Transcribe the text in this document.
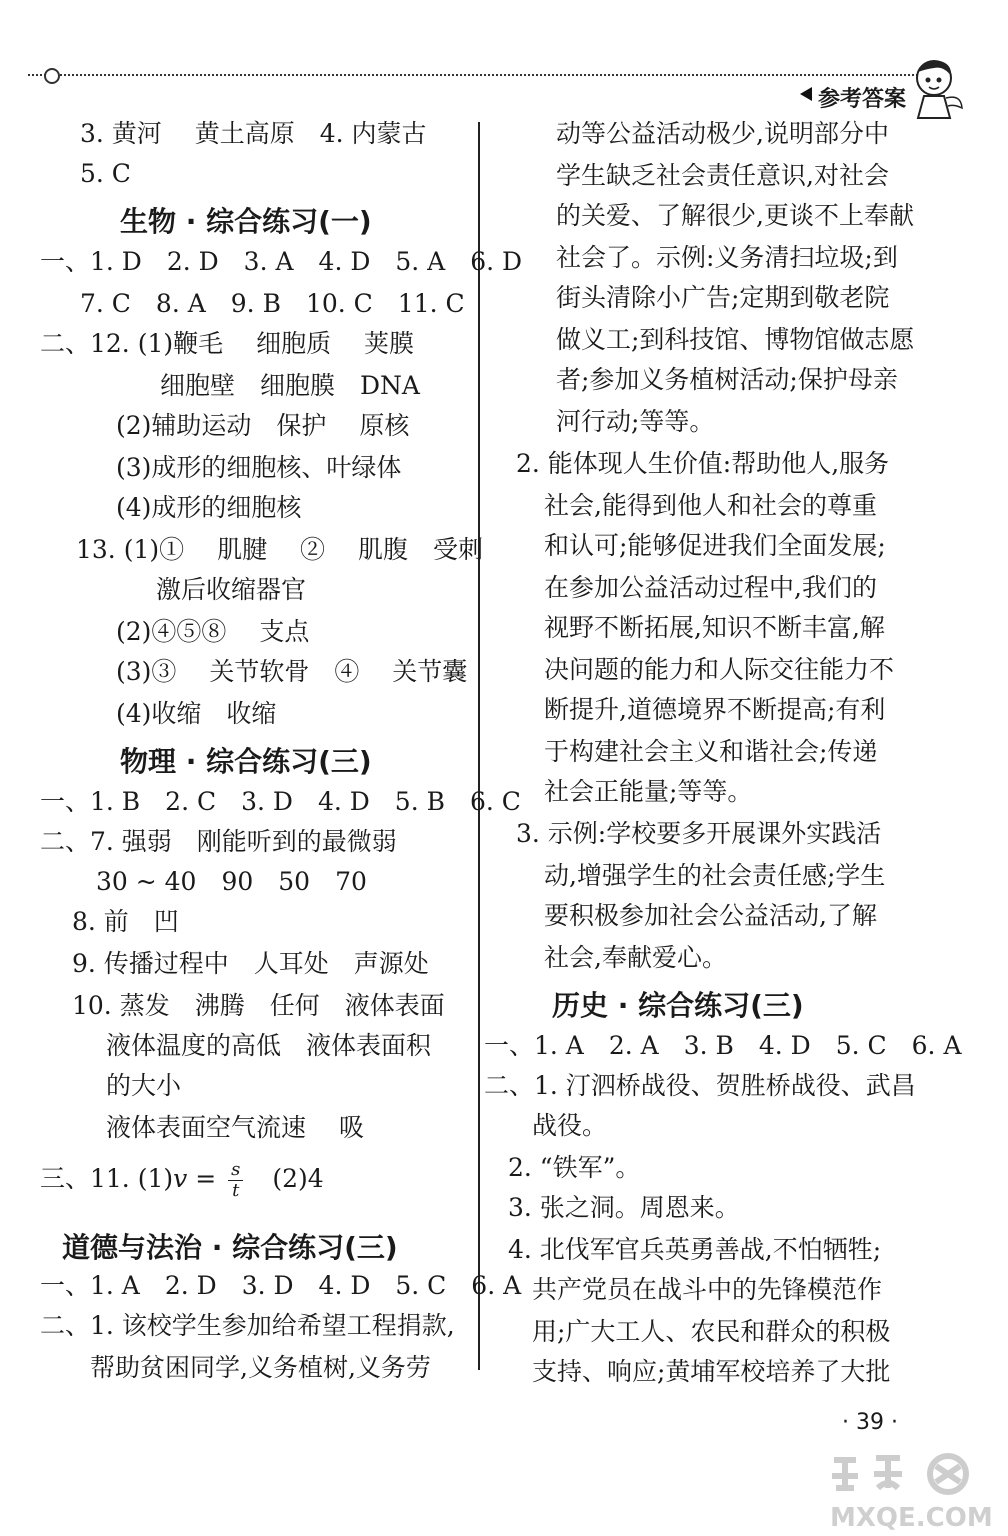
参考答案
3. 黄河　 黄土高原　4. 内蒙古
5. C
生物 · 综合练习(一)
一、1. D　2. D　3. A　4. D　5. A　6. D
7. C　8. A　9. B　10. C　11. C
二、12. (1)鞭毛　 细胞质　 荚膜
细胞壁　细胞膜　DNA
(2)辅助运动　保护　 原核
(3)成形的细胞核、叶绿体
(4)成形的细胞核
13. (1)①　 肌腱　 ②　 肌腹　受刺
激后收缩器官
(2)④⑤⑧　 支点
(3)③　 关节软骨　④　 关节囊
(4)收缩　收缩
物理 · 综合练习(三)
一、1. B　2. C　3. D　4. D　5. B　6. C
二、7. 强弱　刚能听到的最微弱
30 ~ 40　90　50　70
8. 前　凹
9. 传播过程中　人耳处　声源处
10. 蒸发　沸腾　任何　液体表面
液体温度的高低　液体表面积
的大小
液体表面空气流速　 吸
三、11. $(1)v = \frac{s}{t}$ 　(2)4
道德与法治 · 综合练习(三)
一、1. A　2. D　3. D　4. D　5. C　6. A
二、1. 该校学生参加给希望工程捐款,
帮助贫困同学,义务植树,义务劳
动等公益活动极少,说明部分中
学生缺乏社会责任意识,对社会
的关爱、了解很少,更谈不上奉献
社会了。示例:义务清扫垃圾;到
街头清除小广告;定期到敬老院
做义工;到科技馆、博物馆做志愿
者;参加义务植树活动;保护母亲
河行动;等等。
2. 能体现人生价值:帮助他人,服务
社会,能得到他人和社会的尊重
和认可;能够促进我们全面发展;
在参加公益活动过程中,我们的
视野不断拓展,知识不断丰富,解
决问题的能力和人际交往能力不
断提升,道德境界不断提高;有利
于构建社会主义和谐社会;传递
社会正能量;等等。
3. 示例:学校要多开展课外实践活
动,增强学生的社会责任感;学生
要积极参加社会公益活动,了解
社会,奉献爱心。
历史 · 综合练习(三)
一、1. A　2. A　3. B　4. D　5. C　6. A
二、1. 汀泗桥战役、贺胜桥战役、武昌
战役。
2. “铁军”。
3. 张之洞。周恩来。
4. 北伐军官兵英勇善战,不怕牺牲;
共产党员在战斗中的先锋模范作
用;广大工人、农民和群众的积极
支持、响应;黄埔军校培养了大批
· 39 ·
MXQE.COM
